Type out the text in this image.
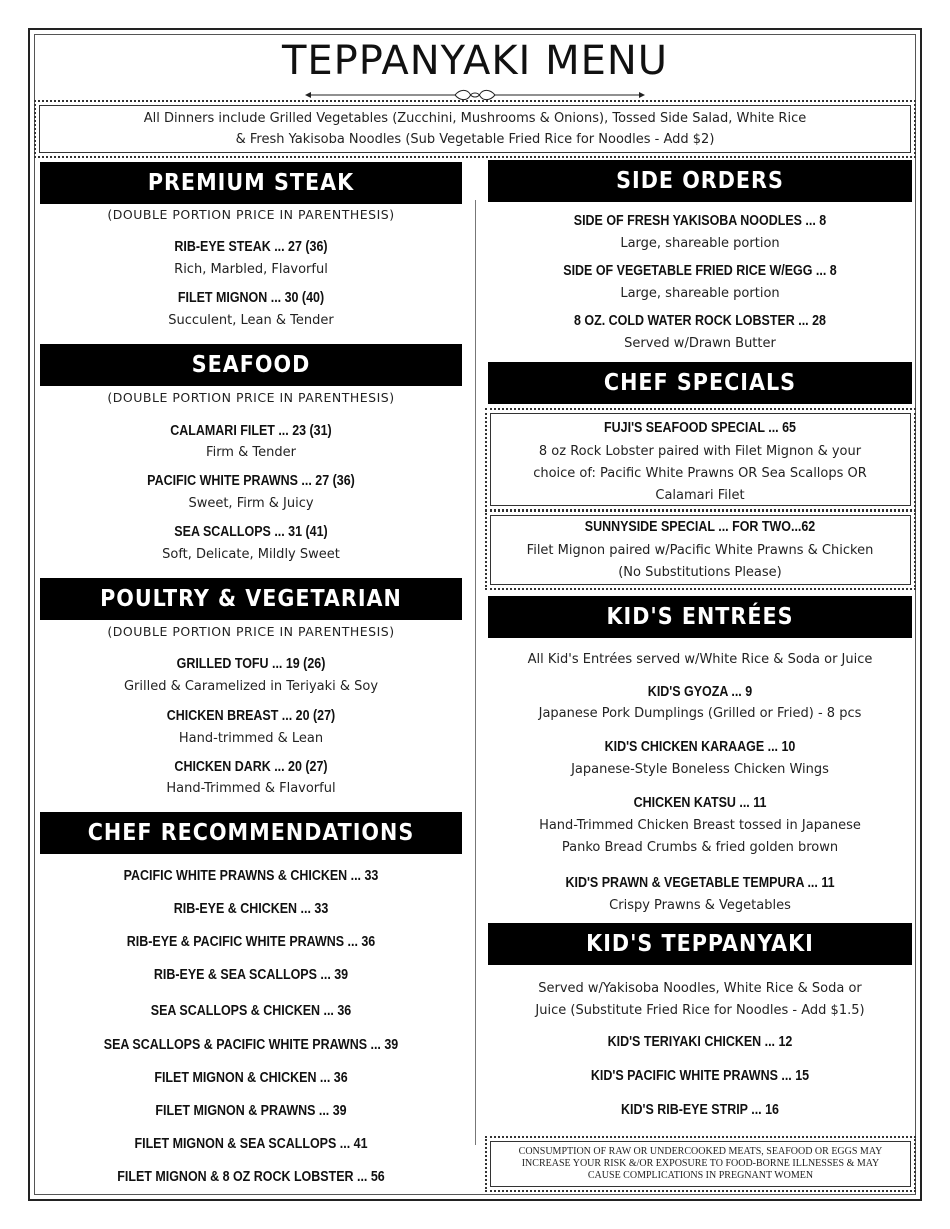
TEPPANYAKI MENU
All Dinners include Grilled Vegetables (Zucchini, Mushrooms & Onions), Tossed Side Salad, White Rice
& Fresh Yakisoba Noodles (Sub Vegetable Fried Rice for Noodles - Add $2)
PREMIUM STEAK
(DOUBLE PORTION PRICE IN PARENTHESIS)
RIB-EYE STEAK ... 27 (36)
Rich, Marbled, Flavorful
FILET MIGNON ... 30 (40)
Succulent, Lean & Tender
SEAFOOD
(DOUBLE PORTION PRICE IN PARENTHESIS)
CALAMARI FILET ... 23 (31)
Firm & Tender
PACIFIC WHITE PRAWNS ... 27 (36)
Sweet, Firm & Juicy
SEA SCALLOPS ... 31 (41)
Soft, Delicate, Mildly Sweet
POULTRY & VEGETARIAN
(DOUBLE PORTION PRICE IN PARENTHESIS)
GRILLED TOFU ... 19 (26)
Grilled & Caramelized in Teriyaki & Soy
CHICKEN BREAST ... 20 (27)
Hand-trimmed & Lean
CHICKEN DARK ... 20 (27)
Hand-Trimmed & Flavorful
CHEF RECOMMENDATIONS
PACIFIC WHITE PRAWNS & CHICKEN ... 33
RIB-EYE & CHICKEN ... 33
RIB-EYE & PACIFIC WHITE PRAWNS ... 36
RIB-EYE & SEA SCALLOPS ... 39
SEA SCALLOPS & CHICKEN ... 36
SEA SCALLOPS & PACIFIC WHITE PRAWNS ... 39
FILET MIGNON & CHICKEN ... 36
FILET MIGNON & PRAWNS ... 39
FILET MIGNON & SEA SCALLOPS ... 41
FILET MIGNON & 8 OZ ROCK LOBSTER ... 56
SIDE ORDERS
SIDE OF FRESH YAKISOBA NOODLES ... 8
Large, shareable portion
SIDE OF VEGETABLE FRIED RICE W/EGG ... 8
Large, shareable portion
8 OZ. COLD WATER ROCK LOBSTER ... 28
Served w/Drawn Butter
CHEF SPECIALS
FUJI'S SEAFOOD SPECIAL ... 65
8 oz Rock Lobster paired with Filet Mignon & your
choice of: Pacific White Prawns OR Sea Scallops OR
Calamari Filet
SUNNYSIDE SPECIAL ... FOR TWO...62
Filet Mignon paired w/Pacific White Prawns & Chicken
(No Substitutions Please)
KID'S ENTRÉES
All Kid's Entrées served w/White Rice & Soda or Juice
KID'S GYOZA ... 9
Japanese Pork Dumplings (Grilled or Fried) - 8 pcs
KID'S CHICKEN KARAAGE ... 10
Japanese-Style Boneless Chicken Wings
CHICKEN KATSU ... 11
Hand-Trimmed Chicken Breast tossed in Japanese
Panko Bread Crumbs & fried golden brown
KID'S PRAWN & VEGETABLE TEMPURA ... 11
Crispy Prawns & Vegetables
KID'S TEPPANYAKI
Served w/Yakisoba Noodles, White Rice & Soda or
Juice (Substitute Fried Rice for Noodles - Add $1.5)
KID'S TERIYAKI CHICKEN ... 12
KID'S PACIFIC WHITE PRAWNS ... 15
KID'S RIB-EYE STRIP ... 16
CONSUMPTION OF RAW OR UNDERCOOKED MEATS, SEAFOOD OR EGGS MAY
INCREASE YOUR RISK &/OR EXPOSURE TO FOOD-BORNE ILLNESSES & MAY
CAUSE COMPLICATIONS IN PREGNANT WOMEN
